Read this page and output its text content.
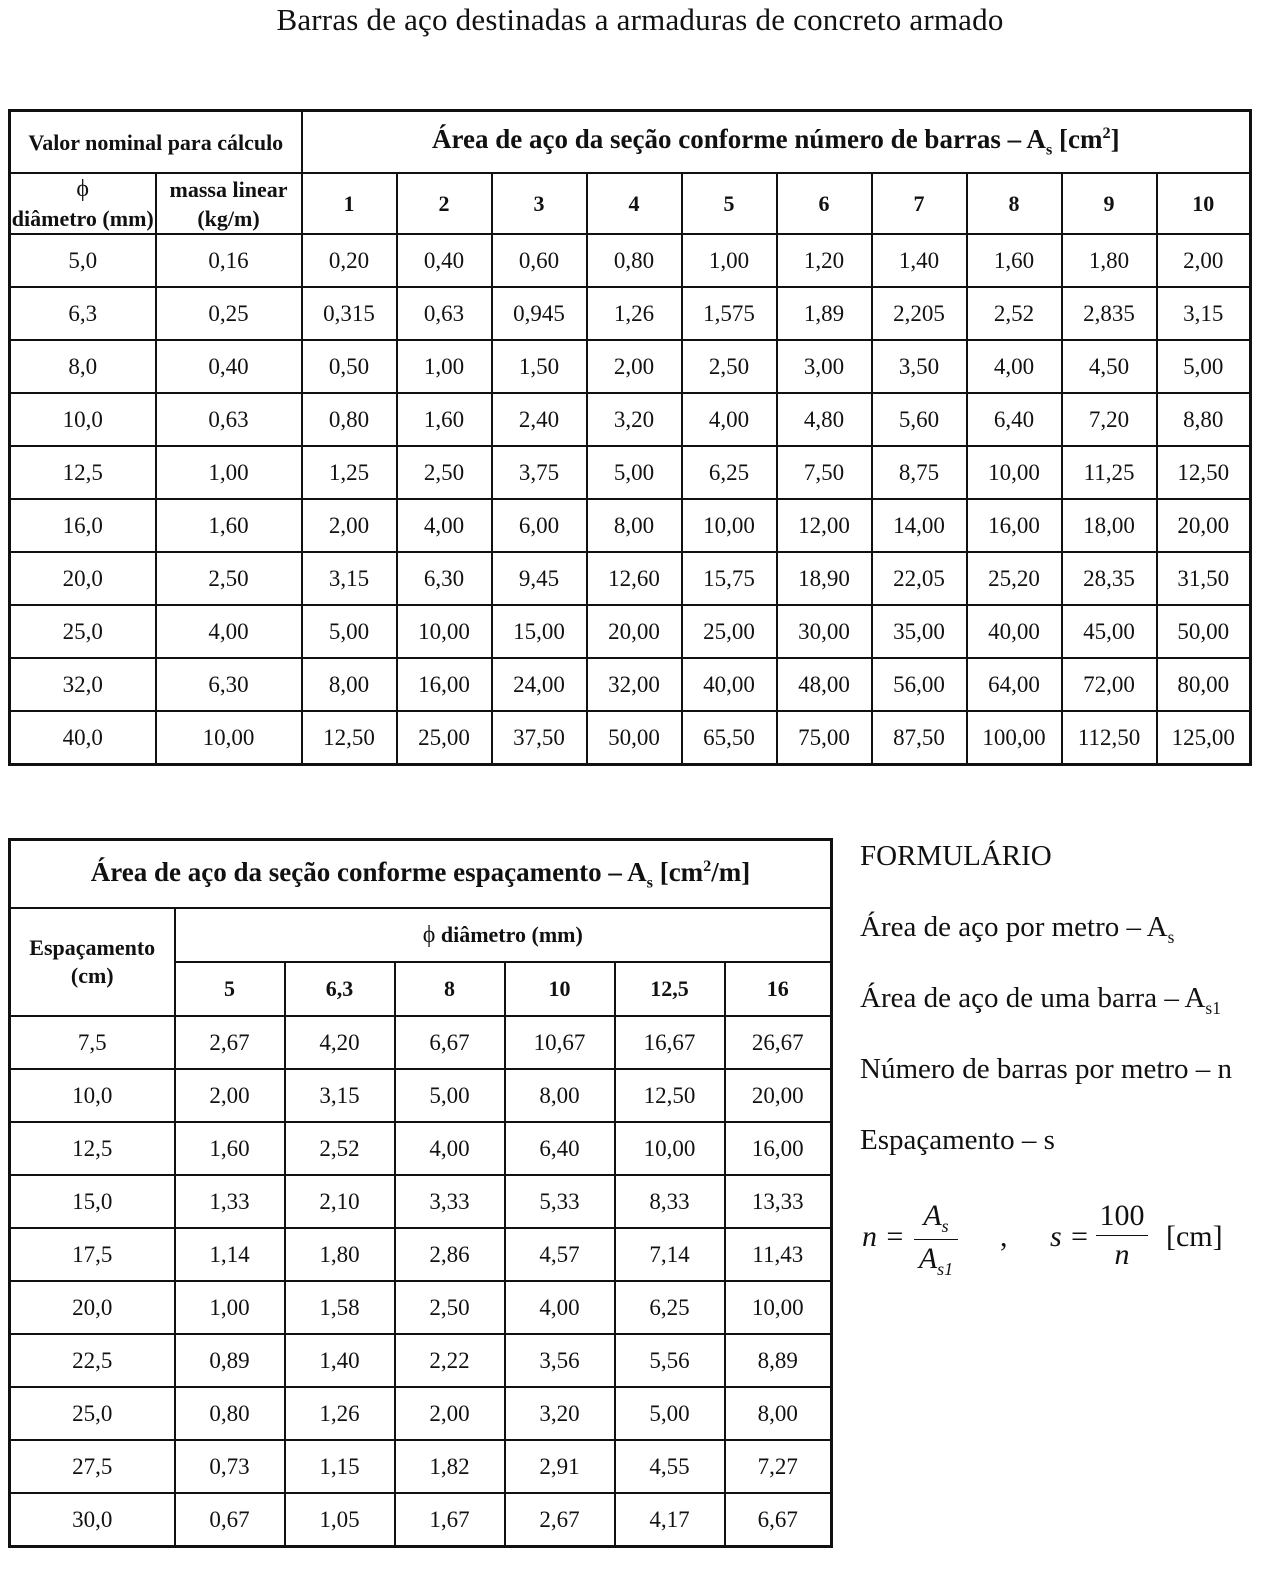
Barras de aço destinadas a armaduras de concreto armado
Valor nominal para cálculo		Área de aço da seção conforme número de barras – $A_s$ $[cm^2]$									
ϕ
diâmetro (mm)	massa linear (kg/m)										
		1	2	3	4	5	6	7	8	9	10
5,0	0,16	0,20	0,40	0,60	0,80	1,00	1,20	1,40	1,60	1,80	2,00
6,3	0,25	0,315	0,63	0,945	1,26	1,575	1,89	2,205	2,52	2,835	3,15
8,0	0,40	0,50	1,00	1,50	2,00	2,50	3,00	3,50	4,00	4,50	5,00
10,0	0,63	0,80	1,60	2,40	3,20	4,00	4,80	5,60	6,40	7,20	8,80
12,5	1,00	1,25	2,50	3,75	5,00	6,25	7,50	8,75	10,00	11,25	12,50
16,0	1,60	2,00	4,00	6,00	8,00	10,00	12,00	14,00	16,00	18,00	20,00
20,0	2,50	3,15	6,30	9,45	12,60	15,75	18,90	22,05	25,20	28,35	31,50
25,0	4,00	5,00	10,00	15,00	20,00	25,00	30,00	35,00	40,00	45,00	50,00
32,0	6,30	8,00	16,00	24,00	32,00	40,00	48,00	56,00	64,00	72,00	80,00
40,0	10,00	12,50	25,00	37,50	50,00	65,50	75,00	87,50	100,00	112,50	125,00
Área de aço da seção conforme espaçamento – $A_s$ $[cm^2/m]$						
Espaçamento (cm)	ϕ diâmetro (mm)					
	5	6,3	8	10	12,5	16
7,5	2,67	4,20	6,67	10,67	16,67	26,67
10,0	2,00	3,15	5,00	8,00	12,50	20,00
12,5	1,60	2,52	4,00	6,40	10,00	16,00
15,0	1,33	2,10	3,33	5,33	8,33	13,33
17,5	1,14	1,80	2,86	4,57	7,14	11,43
20,0	1,00	1,58	2,50	4,00	6,25	10,00
22,5	0,89	1,40	2,22	3,56	5,56	8,89
25,0	0,80	1,26	2,00	3,20	5,00	8,00
27,5	0,73	1,15	1,82	2,91	4,55	7,27
30,0	0,67	1,05	1,67	2,67	4,17	6,67
FORMULÁRIO
Área de aço por metro – $A_s$
Área de aço de uma barra – $A_{s1}$
Número de barras por metro – n
Espaçamento – s
n =
$A_s$
$A_{s1}$
, s =
100
n
[cm]
